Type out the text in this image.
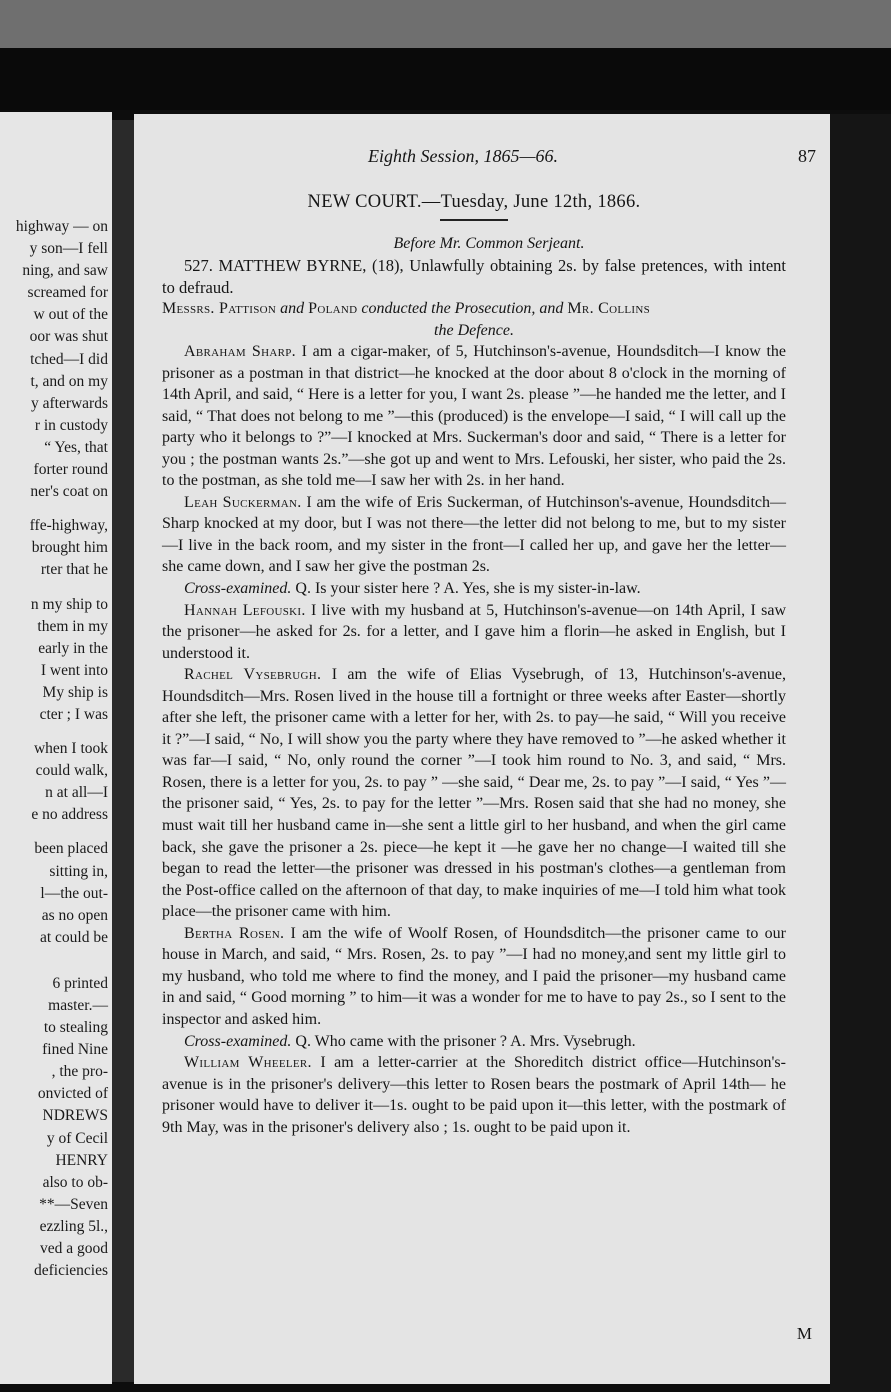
highway — on
y son—I fell
ning, and saw
screamed for
w out of the
oor was shut
tched—I did
t, and on my
y afterwards
r in custody
“ Yes, that
forter round
ner's coat on
ffe-highway,
brought him
rter that he
n my ship to
them in my
early in the
I went into
My ship is
cter ; I was
when I took
could walk,
n at all—I
e no address
been placed
sitting in,
l—the out-
as no open
at could be
6 printed
master.—
to stealing
fined Nine
, the pro-
onvicted of
NDREWS
y of Cecil
HENRY
also to ob-
**—Seven
ezzling 5l.,
ved a good
deficiencies
Eighth Session, 1865—66.	87
NEW COURT.—Tuesday, June 12th, 1866.
Before Mr. Common Serjeant.
527. MATTHEW BYRNE, (18), Unlawfully obtaining 2s. by false pretences, with intent to defraud.
Messrs. Pattison and Poland conducted the Prosecution, and Mr. Collins
the Defence.

Abraham Sharp. I am a cigar-maker, of 5, Hutchinson's-avenue, Houndsditch—I know the prisoner as a postman in that district—he knocked at the door about 8 o'clock in the morning of 14th April, and said, “ Here is a letter for you, I want 2s. please ”—he handed me the letter, and I said, “ That does not belong to me ”—this (produced) is the envelope—I said, “ I will call up the party who it belongs to ?”—I knocked at Mrs. Suckerman's door and said, “ There is a letter for you ; the postman wants 2s.”—she got up and went to Mrs. Lefouski, her sister, who paid the 2s. to the postman, as she told me—I saw her with 2s. in her hand.

Leah Suckerman. I am the wife of Eris Suckerman, of Hutchinson's-avenue, Houndsditch—Sharp knocked at my door, but I was not there—the letter did not belong to me, but to my sister—I live in the back room, and my sister in the front—I called her up, and gave her the letter—she came down, and I saw her give the postman 2s.

Cross-examined. Q. Is your sister here ? A. Yes, she is my sister-in-law.

Hannah Lefouski. I live with my husband at 5, Hutchinson's-avenue—on 14th April, I saw the prisoner—he asked for 2s. for a letter, and I gave him a florin—he asked in English, but I understood it.

Rachel Vysebrugh. I am the wife of Elias Vysebrugh, of 13, Hutchinson's-avenue, Houndsditch—Mrs. Rosen lived in the house till a fortnight or three weeks after Easter—shortly after she left, the prisoner came with a letter for her, with 2s. to pay—he said, “ Will you receive it ?”—I said, “ No, I will show you the party where they have removed to ”—he asked whether it was far—I said, “ No, only round the corner ”—I took him round to No. 3, and said, “ Mrs. Rosen, there is a letter for you, 2s. to pay ” —she said, “ Dear me, 2s. to pay ”—I said, “ Yes ”—the prisoner said, “ Yes, 2s. to pay for the letter ”—Mrs. Rosen said that she had no money, she must wait till her husband came in—she sent a little girl to her husband, and when the girl came back, she gave the prisoner a 2s. piece—he kept it —he gave her no change—I waited till she began to read the letter—the prisoner was dressed in his postman's clothes—a gentleman from the Post-office called on the afternoon of that day, to make inquiries of me—I told him what took place—the prisoner came with him.

Bertha Rosen. I am the wife of Woolf Rosen, of Houndsditch—the prisoner came to our house in March, and said, “ Mrs. Rosen, 2s. to pay ”—I had no money,and sent my little girl to my husband, who told me where to find the money, and I paid the prisoner—my husband came in and said, “ Good morning ” to him—it was a wonder for me to have to pay 2s., so I sent to the inspector and asked him.

Cross-examined. Q. Who came with the prisoner ? A. Mrs. Vysebrugh.

William Wheeler. I am a letter-carrier at the Shoreditch district office—Hutchinson's-avenue is in the prisoner's delivery—this letter to Rosen bears the postmark of April 14th— he prisoner would have to deliver it—1s. ought to be paid upon it—this letter, with the postmark of 9th May, was in the prisoner's delivery also ; 1s. ought to be paid upon it.

M
